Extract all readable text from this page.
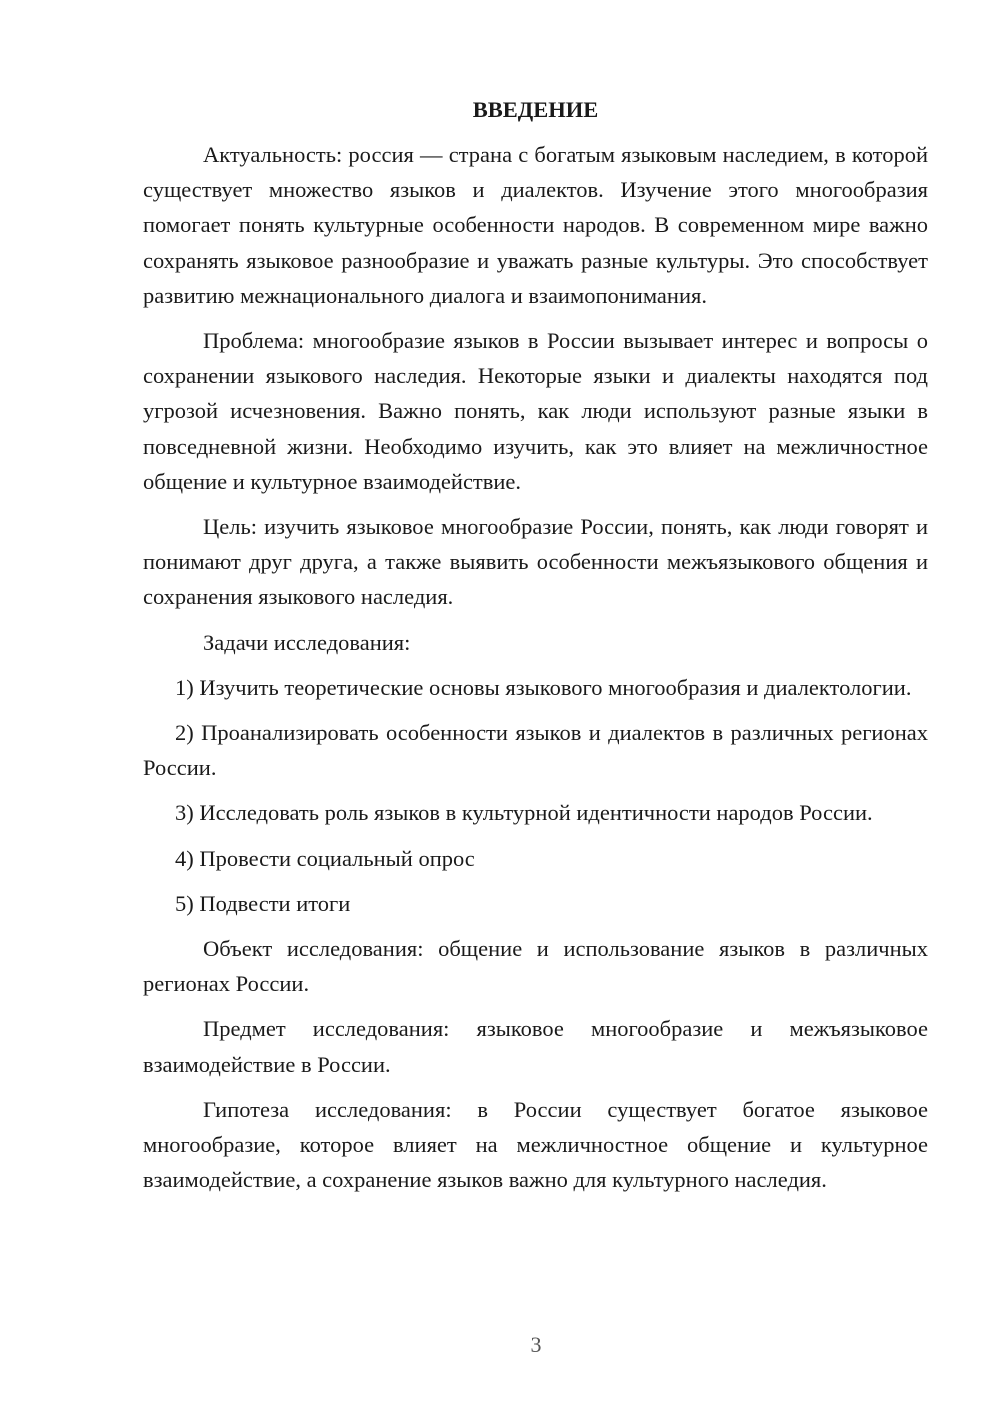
ВВЕДЕНИЕ

Актуальность: россия — страна с богатым языковым наследием, в которой существует множество языков и диалектов. Изучение этого многообразия помогает понять культурные особенности народов. В современном мире важно сохранять языковое разнообразие и уважать разные культуры. Это способствует развитию межнационального диалога и взаимопонимания.

Проблема: многообразие языков в России вызывает интерес и вопросы о сохранении языкового наследия. Некоторые языки и диалекты находятся под угрозой исчезновения. Важно понять, как люди используют разные языки в повседневной жизни. Необходимо изучить, как это влияет на межличностное общение и культурное взаимодействие.

Цель: изучить языковое многообразие России, понять, как люди говорят и понимают друг друга, а также выявить особенности межъязыкового общения и сохранения языкового наследия.

Задачи исследования:

1) Изучить теоретические основы языкового многообразия и диалектологии.

2) Проанализировать особенности языков и диалектов в различных регионах России.

3) Исследовать роль языков в культурной идентичности народов России.

4) Провести социальный опрос

5) Подвести итоги

Объект исследования: общение и использование языков в различных регионах России.

Предмет исследования: языковое многообразие и межъязыковое взаимодействие в России.

Гипотеза исследования: в России существует богатое языковое многообразие, которое влияет на межличностное общение и культурное взаимодействие, а сохранение языков важно для культурного наследия.

3
